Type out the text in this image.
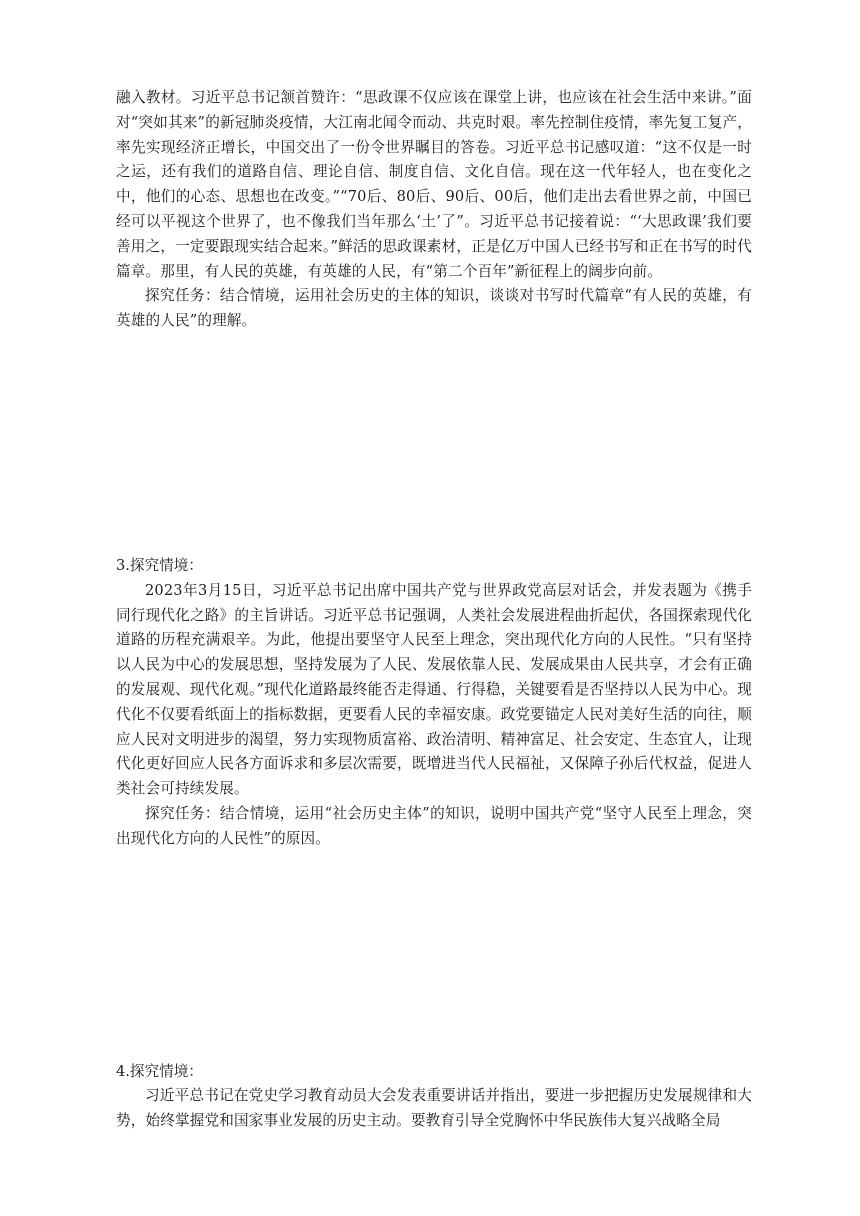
融入教材。习近平总书记颔首赞许：“思政课不仅应该在课堂上讲，也应该在社会生活中来讲。”面对“突如其来”的新冠肺炎疫情，大江南北闻令而动、共克时艰。率先控制住疫情，率先复工复产，率先实现经济正增长，中国交出了一份令世界瞩目的答卷。习近平总书记感叹道：“这不仅是一时之运，还有我们的道路自信、理论自信、制度自信、文化自信。现在这一代年轻人，也在变化之中，他们的心态、思想也在改变。”“70后、80后、90后、00后，他们走出去看世界之前，中国已经可以平视这个世界了，也不像我们当年那么‘土’了”。习近平总书记接着说：“‘大思政课’我们要善用之，一定要跟现实结合起来。”鲜活的思政课素材，正是亿万中国人已经书写和正在书写的时代篇章。那里，有人民的英雄，有英雄的人民，有“第二个百年”新征程上的阔步向前。

探究任务：结合情境，运用社会历史的主体的知识，谈谈对书写时代篇章“有人民的英雄，有英雄的人民”的理解。

3.探究情境：

2023年3月15日，习近平总书记出席中国共产党与世界政党高层对话会，并发表题为《携手同行现代化之路》的主旨讲话。习近平总书记强调，人类社会发展进程曲折起伏，各国探索现代化道路的历程充满艰辛。为此，他提出要坚守人民至上理念，突出现代化方向的人民性。“只有坚持以人民为中心的发展思想，坚持发展为了人民、发展依靠人民、发展成果由人民共享，才会有正确的发展观、现代化观。”现代化道路最终能否走得通、行得稳，关键要看是否坚持以人民为中心。现代化不仅要看纸面上的指标数据，更要看人民的幸福安康。政党要锚定人民对美好生活的向往，顺应人民对文明进步的渴望，努力实现物质富裕、政治清明、精神富足、社会安定、生态宜人，让现代化更好回应人民各方面诉求和多层次需要，既增进当代人民福祉，又保障子孙后代权益，促进人类社会可持续发展。

探究任务：结合情境，运用“社会历史主体”的知识，说明中国共产党“坚守人民至上理念，突出现代化方向的人民性”的原因。

4.探究情境：

习近平总书记在党史学习教育动员大会发表重要讲话并指出，要进一步把握历史发展规律和大势，始终掌握党和国家事业发展的历史主动。要教育引导全党胸怀中华民族伟大复兴战略全局
